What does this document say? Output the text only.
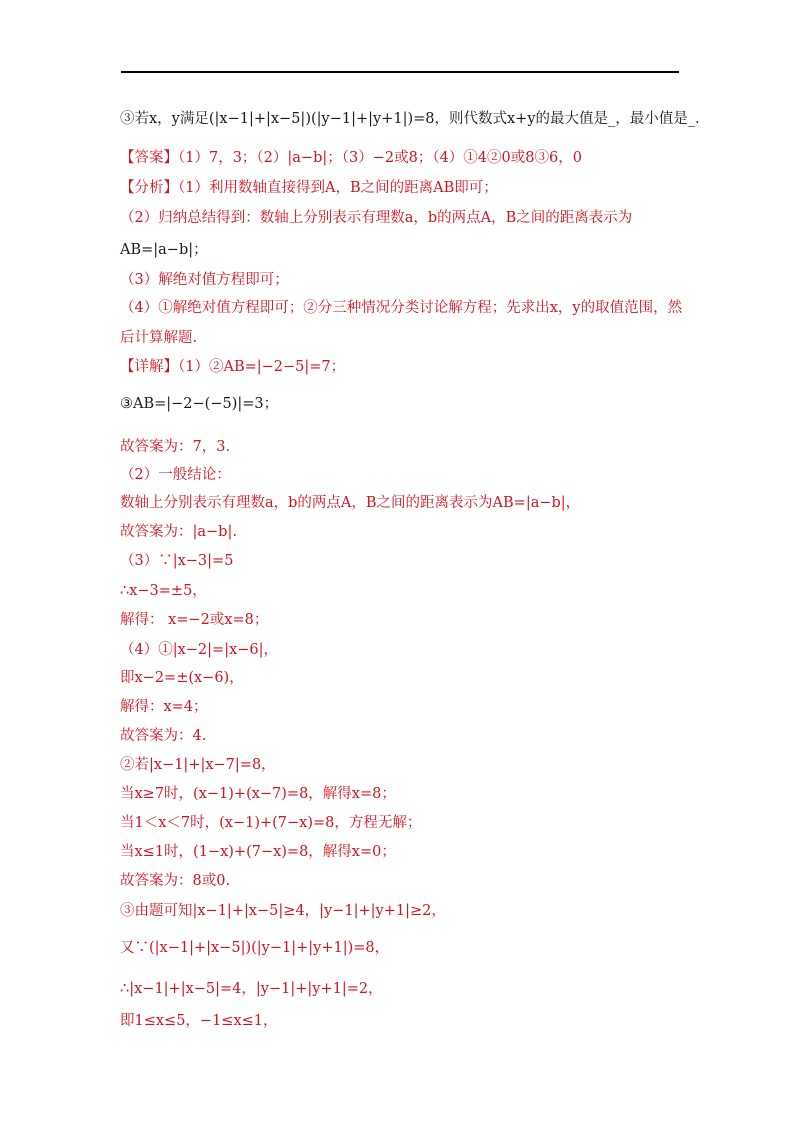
③若x，y满足(|x−1|+|x−5|)(|y−1|+|y+1|)=8，则代数式x+y的最大值是_，最小值是_.
【答案】（1）7，3；（2）|a−b|；（3）−2或8；（4）①4②0或8③6，0
【分析】（1）利用数轴直接得到A，B之间的距离AB即可；
（2）归纳总结得到：数轴上分别表示有理数a，b的两点A，B之间的距离表示为
AB=|a−b|；
（3）解绝对值方程即可；
（4）①解绝对值方程即可；②分三种情况分类讨论解方程；先求出x，y的取值范围，然
后计算解题.
【详解】（1）②AB=|−2−5|=7；
③AB=|−2−(−5)|=3；
故答案为：7，3.
（2）一般结论：
数轴上分别表示有理数a，b的两点A，B之间的距离表示为AB=|a−b|，
故答案为：|a−b|.
（3）∵|x−3|=5
∴x−3=±5，
解得： x=−2或x=8；
（4）①|x−2|=|x−6|，
即x−2=±(x−6)，
解得：x=4；
故答案为：4.
②若|x−1|+|x−7|=8，
当x≥7时，(x−1)+(x−7)=8，解得x=8；
当1＜x＜7时，(x−1)+(7−x)=8，方程无解；
当x≤1时，(1−x)+(7−x)=8，解得x=0；
故答案为：8或0.
③由题可知|x−1|+|x−5|≥4，|y−1|+|y+1|≥2，
又∵(|x−1|+|x−5|)(|y−1|+|y+1|)=8，
∴|x−1|+|x−5|=4，|y−1|+|y+1|=2，
即1≤x≤5，−1≤x≤1，
